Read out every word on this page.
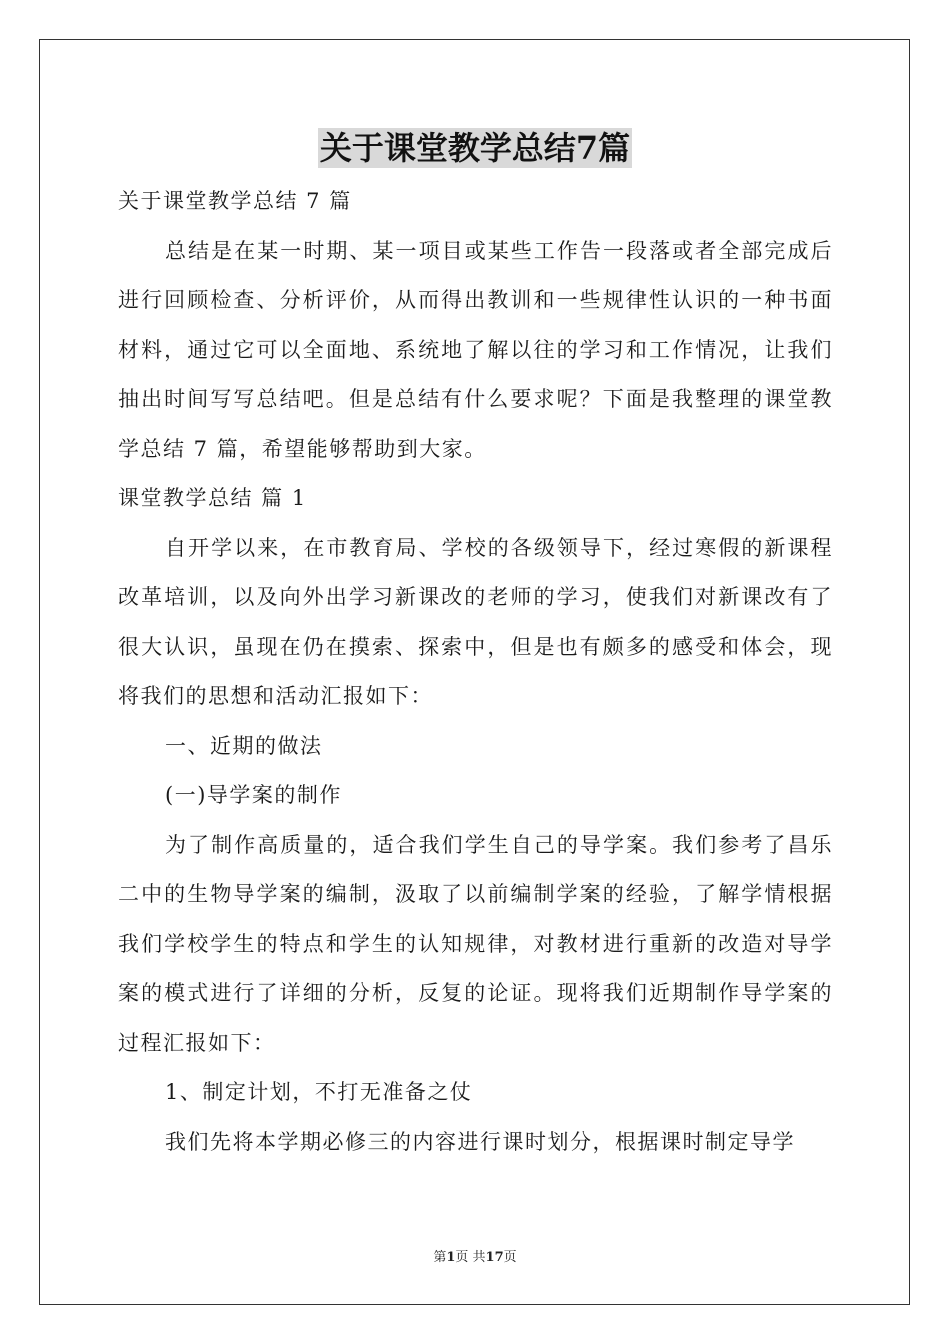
关于课堂教学总结7篇
关于课堂教学总结 7 篇
总结是在某一时期、某一项目或某些工作告一段落或者全部完成后进行回顾检查、分析评价，从而得出教训和一些规律性认识的一种书面材料，通过它可以全面地、系统地了解以往的学习和工作情况，让我们抽出时间写写总结吧。但是总结有什么要求呢？下面是我整理的课堂教学总结 7 篇，希望能够帮助到大家。
课堂教学总结 篇 1
自开学以来，在市教育局、学校的各级领导下，经过寒假的新课程改革培训，以及向外出学习新课改的老师的学习，使我们对新课改有了很大认识，虽现在仍在摸索、探索中，但是也有颇多的感受和体会，现将我们的思想和活动汇报如下：
一、近期的做法
(一)导学案的制作
为了制作高质量的，适合我们学生自己的导学案。我们参考了昌乐二中的生物导学案的编制，汲取了以前编制学案的经验，了解学情根据我们学校学生的特点和学生的认知规律，对教材进行重新的改造对导学案的模式进行了详细的分析，反复的论证。现将我们近期制作导学案的过程汇报如下：
1、制定计划，不打无准备之仗
我们先将本学期必修三的内容进行课时划分，根据课时制定导学
第1页 共17页
